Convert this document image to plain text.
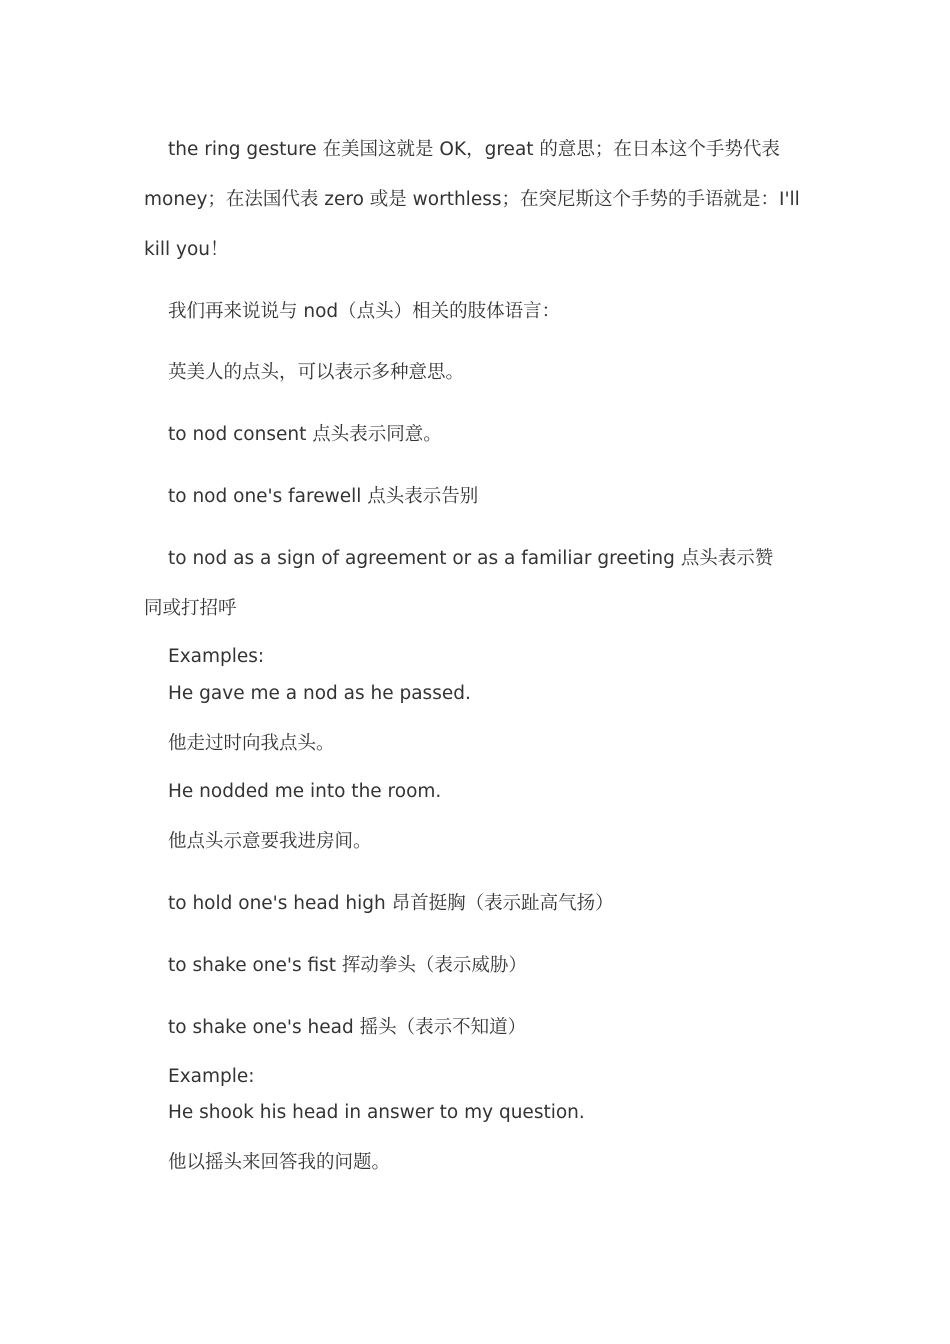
the ring gesture 在美国这就是 OK，great 的意思；在日本这个手势代表
money；在法国代表 zero 或是 worthless；在突尼斯这个手势的手语就是：I'll
kill you！
我们再来说说与 nod（点头）相关的肢体语言：
英美人的点头，可以表示多种意思。
to nod consent 点头表示同意。
to nod one's farewell 点头表示告别
to nod as a sign of agreement or as a familiar greeting 点头表示赞
同或打招呼
Examples:
He gave me a nod as he passed.
他走过时向我点头。
He nodded me into the room.
他点头示意要我进房间。
to hold one's head high 昂首挺胸（表示趾高气扬）
to shake one's fist 挥动拳头（表示威胁）
to shake one's head 摇头（表示不知道）
Example:
He shook his head in answer to my question.
他以摇头来回答我的问题。
